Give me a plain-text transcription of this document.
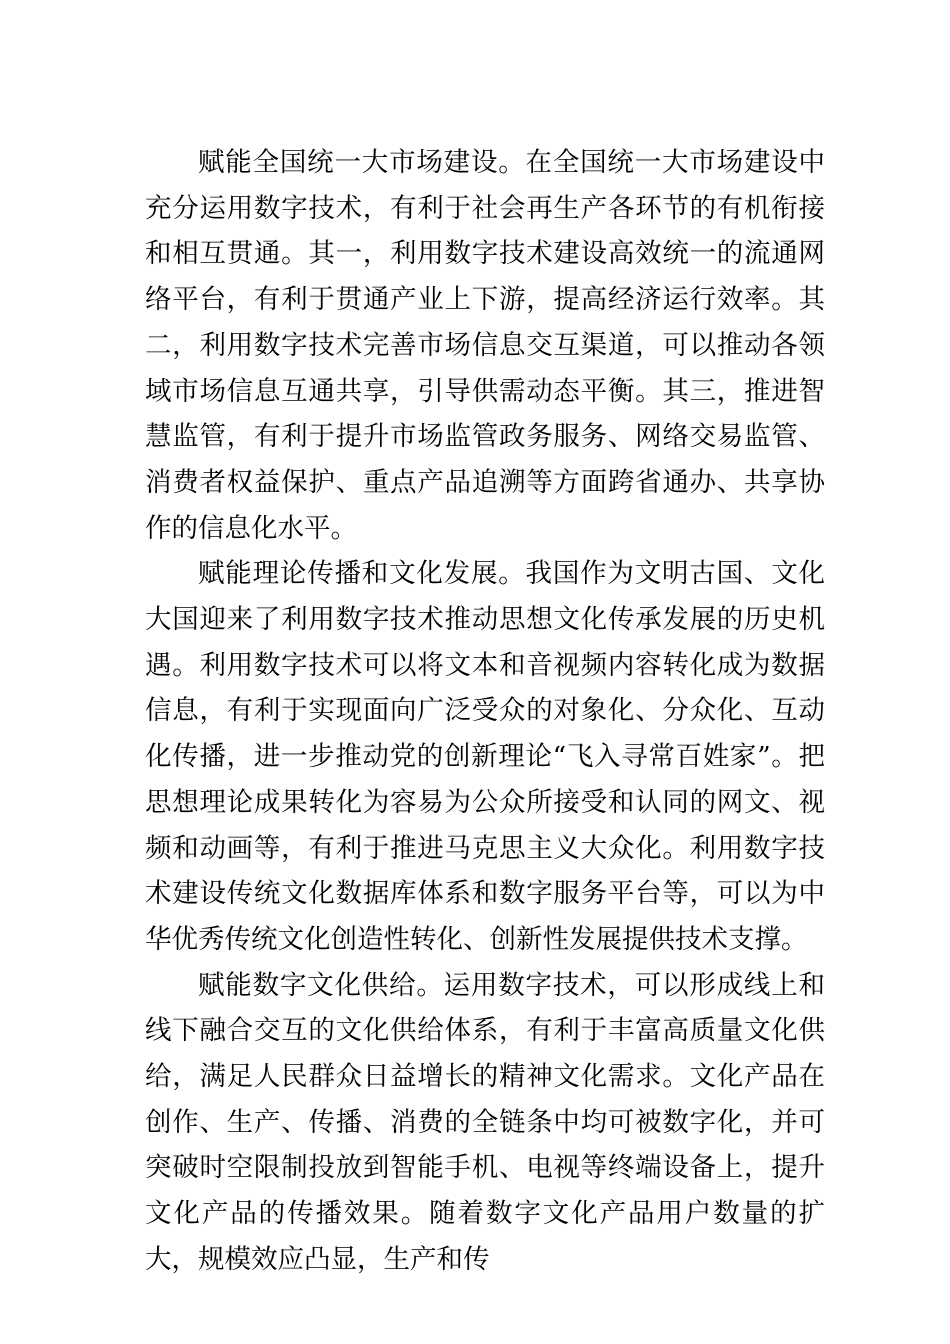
赋能全国统一大市场建设。在全国统一大市场建设中充分运用数字技术，有利于社会再生产各环节的有机衔接和相互贯通。其一，利用数字技术建设高效统一的流通网络平台，有利于贯通产业上下游，提高经济运行效率。其二，利用数字技术完善市场信息交互渠道，可以推动各领域市场信息互通共享，引导供需动态平衡。其三，推进智慧监管，有利于提升市场监管政务服务、网络交易监管、消费者权益保护、重点产品追溯等方面跨省通办、共享协作的信息化水平。

赋能理论传播和文化发展。我国作为文明古国、文化大国迎来了利用数字技术推动思想文化传承发展的历史机遇。利用数字技术可以将文本和音视频内容转化成为数据信息，有利于实现面向广泛受众的对象化、分众化、互动化传播，进一步推动党的创新理论“飞入寻常百姓家”。把思想理论成果转化为容易为公众所接受和认同的网文、视频和动画等，有利于推进马克思主义大众化。利用数字技术建设传统文化数据库体系和数字服务平台等，可以为中华优秀传统文化创造性转化、创新性发展提供技术支撑。

赋能数字文化供给。运用数字技术，可以形成线上和线下融合交互的文化供给体系，有利于丰富高质量文化供给，满足人民群众日益增长的精神文化需求。文化产品在创作、生产、传播、消费的全链条中均可被数字化，并可突破时空限制投放到智能手机、电视等终端设备上，提升文化产品的传播效果。随着数字文化产品用户数量的扩大，规模效应凸显，生产和传
